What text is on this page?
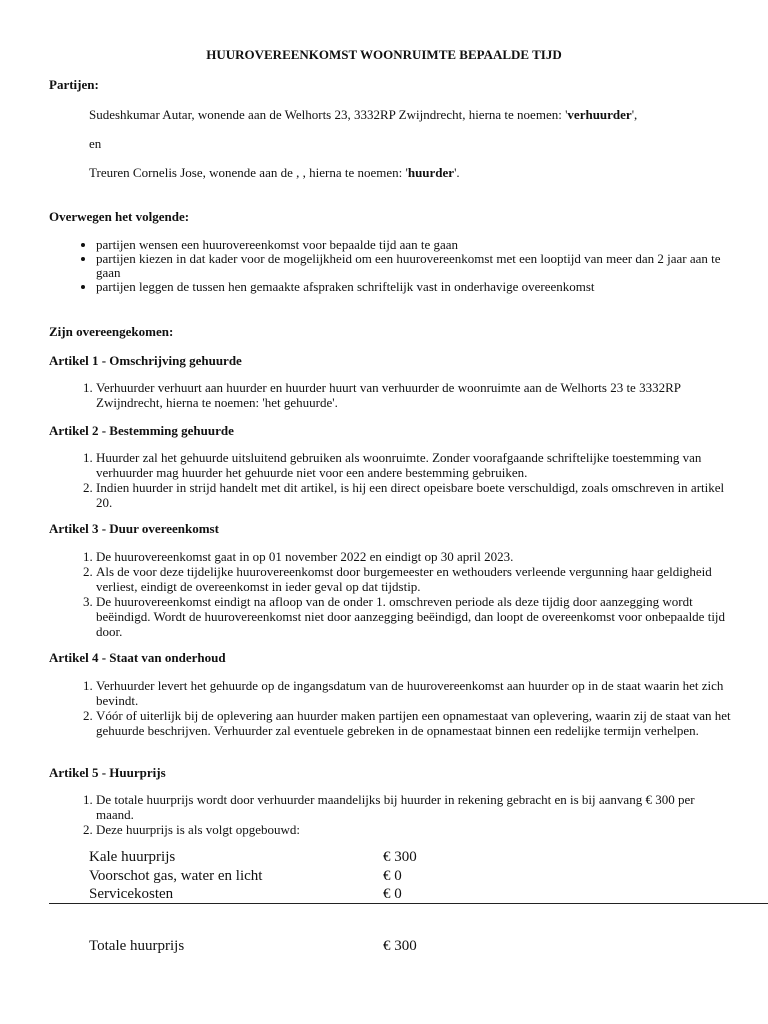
HUUROVEREENKOMST WOONRUIMTE BEPAALDE TIJD
Partijen:
Sudeshkumar Autar, wonende aan de Welhorts 23, 3332RP Zwijndrecht, hierna te noemen: 'verhuurder',
en
Treuren Cornelis Jose, wonende aan de , , hierna te noemen: 'huurder'.
Overwegen het volgende:
• partijen wensen een huurovereenkomst voor bepaalde tijd aan te gaan
• partijen kiezen in dat kader voor de mogelijkheid om een huurovereenkomst met een looptijd van meer dan 2 jaar aan te gaan
• partijen leggen de tussen hen gemaakte afspraken schriftelijk vast in onderhavige overeenkomst
Zijn overeengekomen:
Artikel 1 - Omschrijving gehuurde
1. Verhuurder verhuurt aan huurder en huurder huurt van verhuurder de woonruimte aan de Welhorts 23 te 3332RP Zwijndrecht, hierna te noemen: 'het gehuurde'.
Artikel 2 - Bestemming gehuurde
1. Huurder zal het gehuurde uitsluitend gebruiken als woonruimte. Zonder voorafgaande schriftelijke toestemming van verhuurder mag huurder het gehuurde niet voor een andere bestemming gebruiken.
2. Indien huurder in strijd handelt met dit artikel, is hij een direct opeisbare boete verschuldigd, zoals omschreven in artikel 20.
Artikel 3 - Duur overeenkomst
1. De huurovereenkomst gaat in op 01 november 2022 en eindigt op 30 april 2023.
2. Als de voor deze tijdelijke huurovereenkomst door burgemeester en wethouders verleende vergunning haar geldigheid verliest, eindigt de overeenkomst in ieder geval op dat tijdstip.
3. De huurovereenkomst eindigt na afloop van de onder 1. omschreven periode als deze tijdig door aanzegging wordt beëindigd. Wordt de huurovereenkomst niet door aanzegging beëindigd, dan loopt de overeenkomst voor onbepaalde tijd door.
Artikel 4 - Staat van onderhoud
1. Verhuurder levert het gehuurde op de ingangsdatum van de huurovereenkomst aan huurder op in de staat waarin het zich bevindt.
2. Vóór of uiterlijk bij de oplevering aan huurder maken partijen een opnamestaat van oplevering, waarin zij de staat van het gehuurde beschrijven. Verhuurder zal eventuele gebreken in de opnamestaat binnen een redelijke termijn verhelpen.
Artikel 5 - Huurprijs
1. De totale huurprijs wordt door verhuurder maandelijks bij huurder in rekening gebracht en is bij aanvang € 300 per maand.
2. Deze huurprijs is als volgt opgebouwd:
Kale huurprijs	€ 300
Voorschot gas, water en licht	€ 0
Servicekosten	€ 0
Totale huurprijs	€ 300
